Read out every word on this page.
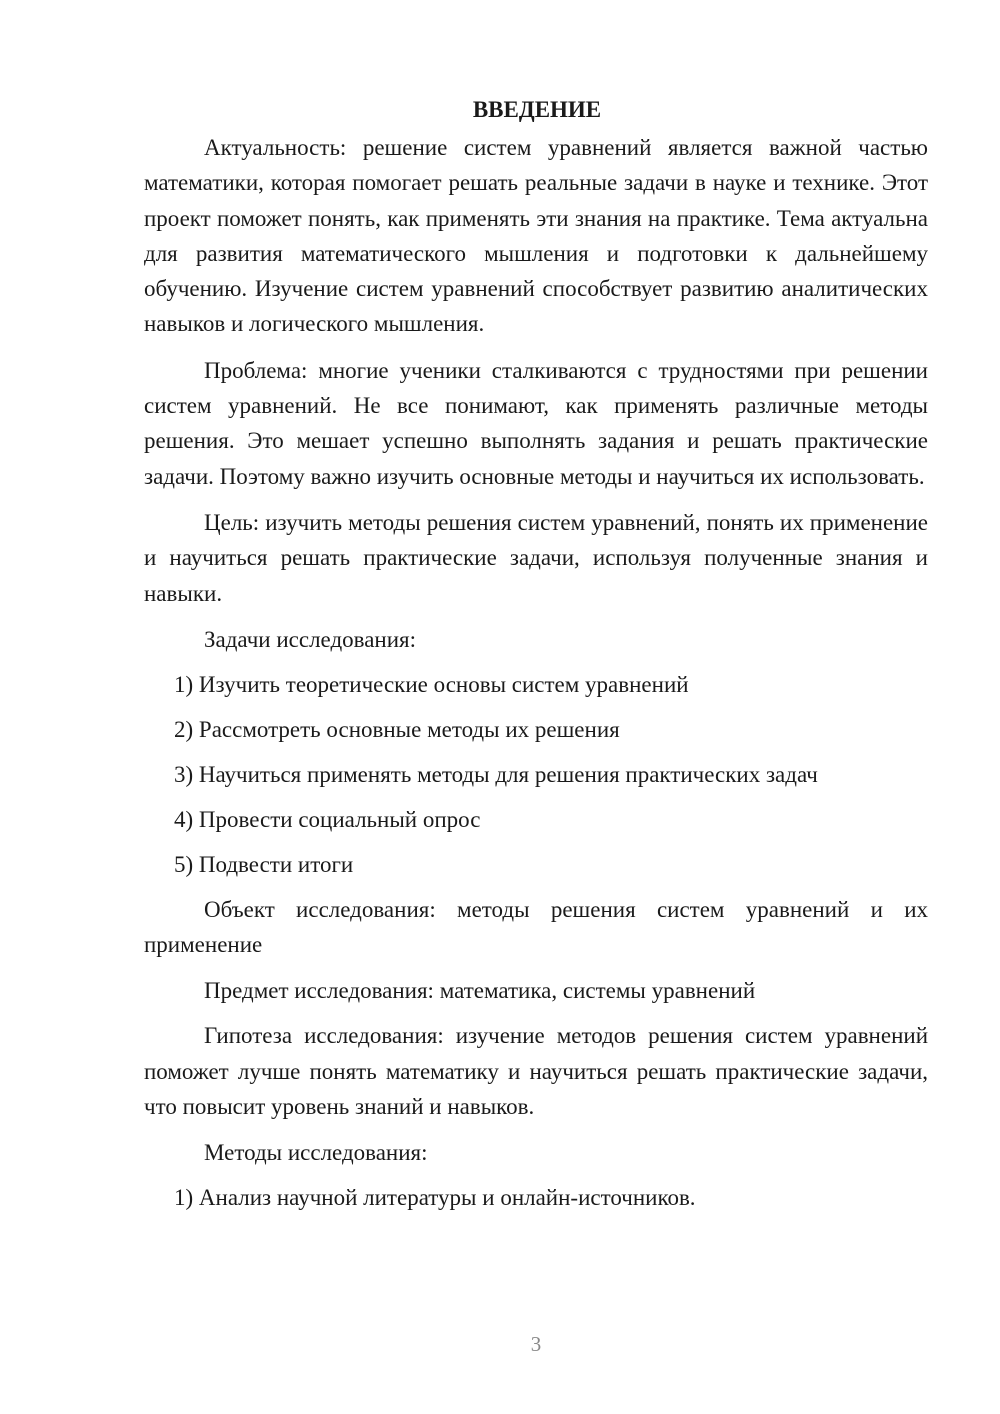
ВВЕДЕНИЕ

Актуальность: решение систем уравнений является важной частью математики, которая помогает решать реальные задачи в науке и технике. Этот проект поможет понять, как применять эти знания на практике. Тема актуальна для развития математического мышления и подготовки к дальнейшему обучению. Изучение систем уравнений способствует развитию аналитических навыков и логического мышления.

Проблема: многие ученики сталкиваются с трудностями при решении систем уравнений. Не все понимают, как применять различные методы решения. Это мешает успешно выполнять задания и решать практические задачи. Поэтому важно изучить основные методы и научиться их использовать.

Цель: изучить методы решения систем уравнений, понять их применение и научиться решать практические задачи, используя полученные знания и навыки.

Задачи исследования:

1) Изучить теоретические основы систем уравнений

2) Рассмотреть основные методы их решения

3) Научиться применять методы для решения практических задач

4) Провести социальный опрос

5) Подвести итоги

Объект исследования: методы решения систем уравнений и их применение

Предмет исследования: математика, системы уравнений

Гипотеза исследования: изучение методов решения систем уравнений поможет лучше понять математику и научиться решать практические задачи, что повысит уровень знаний и навыков.

Методы исследования:

1) Анализ научной литературы и онлайн-источников.

3
